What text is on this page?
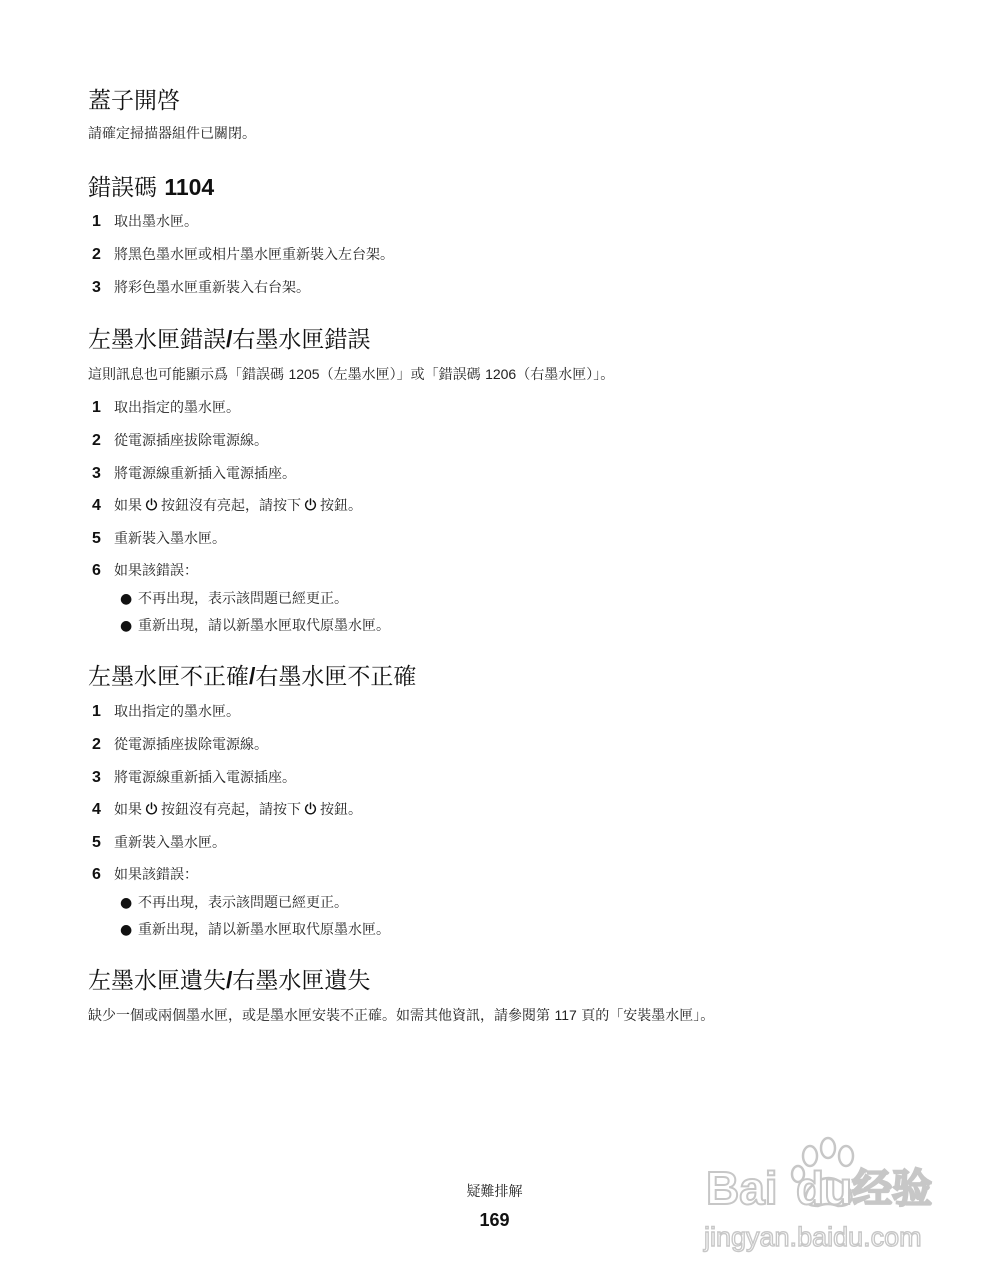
蓋子開啓

請確定掃描器組件已關閉。

錯誤碼 1104
1 取出墨水匣。
2 將黑色墨水匣或相片墨水匣重新裝入左台架。
3 將彩色墨水匣重新裝入右台架。
左墨水匣錯誤/右墨水匣錯誤

這則訊息也可能顯示爲「錯誤碼 1205（左墨水匣）」或「錯誤碼 1206（右墨水匣）」。

1 取出指定的墨水匣。
2 從電源插座拔除電源線。
3 將電源線重新插入電源插座。
4 如果 按鈕沒有亮起，請按下 按鈕。
5 重新裝入墨水匣。
6 如果該錯誤：
● 不再出現，表示該問題已經更正。
● 重新出現，請以新墨水匣取代原墨水匣。
左墨水匣不正確/右墨水匣不正確
1 取出指定的墨水匣。
2 從電源插座拔除電源線。
3 將電源線重新插入電源插座。
4 如果 按鈕沒有亮起，請按下 按鈕。
5 重新裝入墨水匣。
6 如果該錯誤：
● 不再出現，表示該問題已經更正。
● 重新出現，請以新墨水匣取代原墨水匣。
左墨水匣遺失/右墨水匣遺失

缺少一個或兩個墨水匣，或是墨水匣安裝不正確。如需其他資訊，請參閱第 117 頁的「安裝墨水匣」。

疑難排解
169
Bai du 经验
jingyan.baidu.com
